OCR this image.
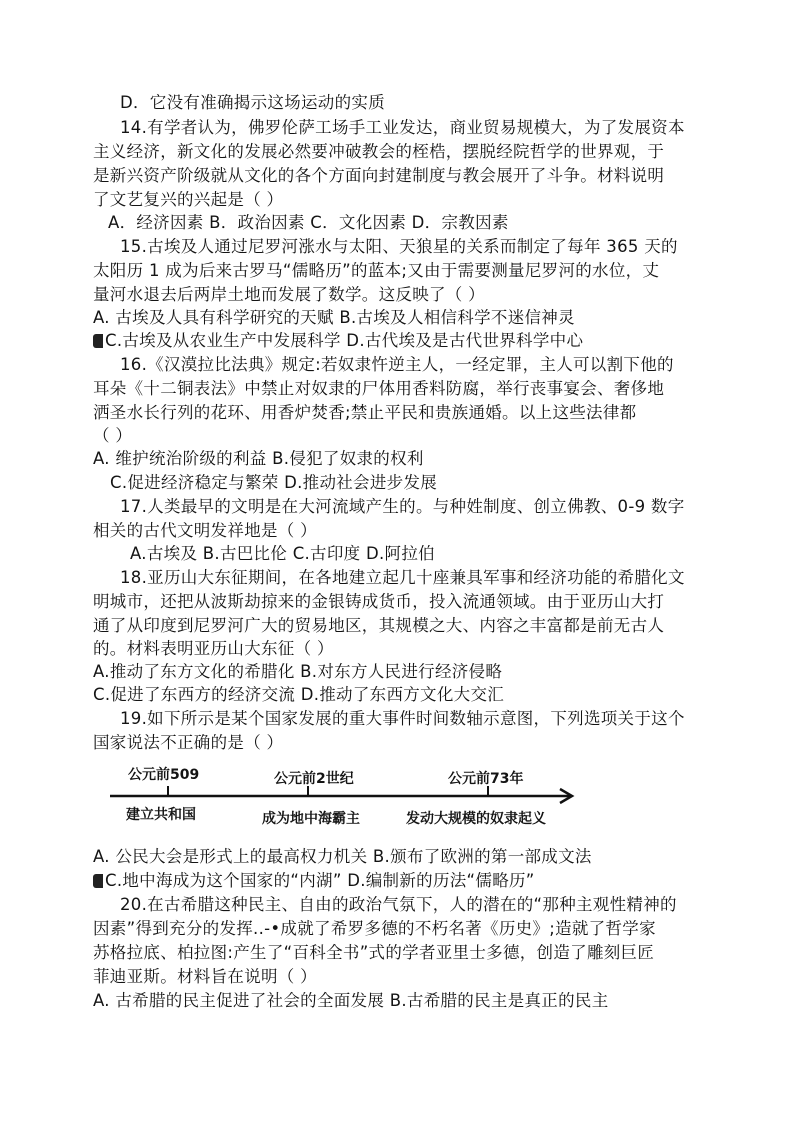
D．它没有准确揭示这场运动的实质
14.有学者认为，佛罗伦萨工场手工业发达，商业贸易规模大，为了发展资本
主义经济，新文化的发展必然要冲破教会的桎梏，摆脱经院哲学的世界观，于
是新兴资产阶级就从文化的各个方面向封建制度与教会展开了斗争。材料说明
了文艺复兴的兴起是（ ）
A．经济因素 B．政治因素 C．文化因素 D．宗教因素
15.古埃及人通过尼罗河涨水与太阳、天狼星的关系而制定了每年 365 天的
太阳历 1 成为后来古罗马“儒略历”的蓝本;又由于需要测量尼罗河的水位，丈
量河水退去后两岸土地而发展了数学。这反映了（ ）
A. 古埃及人具有科学研究的天赋 B.古埃及人相信科学不迷信神灵
C.古埃及从农业生产中发展科学 D.古代埃及是古代世界科学中心
16.《汉漠拉比法典》规定:若奴隶忤逆主人，一经定罪，主人可以割下他的
耳朵《十二铜表法》中禁止对奴隶的尸体用香料防腐，举行丧事宴会、奢侈地
洒圣水长行列的花环、用香炉焚香;禁止平民和贵族通婚。以上这些法律都
（ ）
A. 维护统治阶级的利益 B.侵犯了奴隶的权利
C.促进经济稳定与繁荣 D.推动社会进步发展
17.人类最早的文明是在大河流域产生的。与种姓制度、创立佛教、0-9 数字
相关的古代文明发祥地是（ ）
A.古埃及 B.古巴比伦 C.古印度 D.阿拉伯
18.亚历山大东征期间，在各地建立起几十座兼具军事和经济功能的希腊化文
明城市，还把从波斯劫掠来的金银铸成货币，投入流通领域。由于亚历山大打
通了从印度到尼罗河广大的贸易地区，其规模之大、内容之丰富都是前无古人
的。材料表明亚历山大东征（ ）
A.推动了东方文化的希腊化 B.对东方人民进行经济侵略
C.促进了东西方的经济交流 D.推动了东西方文化大交汇
19.如下所示是某个国家发展的重大事件时间数轴示意图，下列选项关于这个
国家说法不正确的是（ ）
公元前509	公元前2世纪	公元前73年
建立共和国	成为地中海霸主	发动大规模的奴隶起义
A. 公民大会是形式上的最高权力机关 B.颁布了欧洲的第一部成文法
C.地中海成为这个国家的“内湖” D.编制新的历法“儒略历”
20.在古希腊这种民主、自由的政治气氛下，人的潜在的“那种主观性精神的
因素”得到充分的发挥..-•成就了希罗多德的不朽名著《历史》;造就了哲学家
苏格拉底、柏拉图:产生了“百科全书”式的学者亚里士多德，创造了雕刻巨匠
菲迪亚斯。材料旨在说明（ ）
A. 古希腊的民主促进了社会的全面发展 B.古希腊的民主是真正的民主
